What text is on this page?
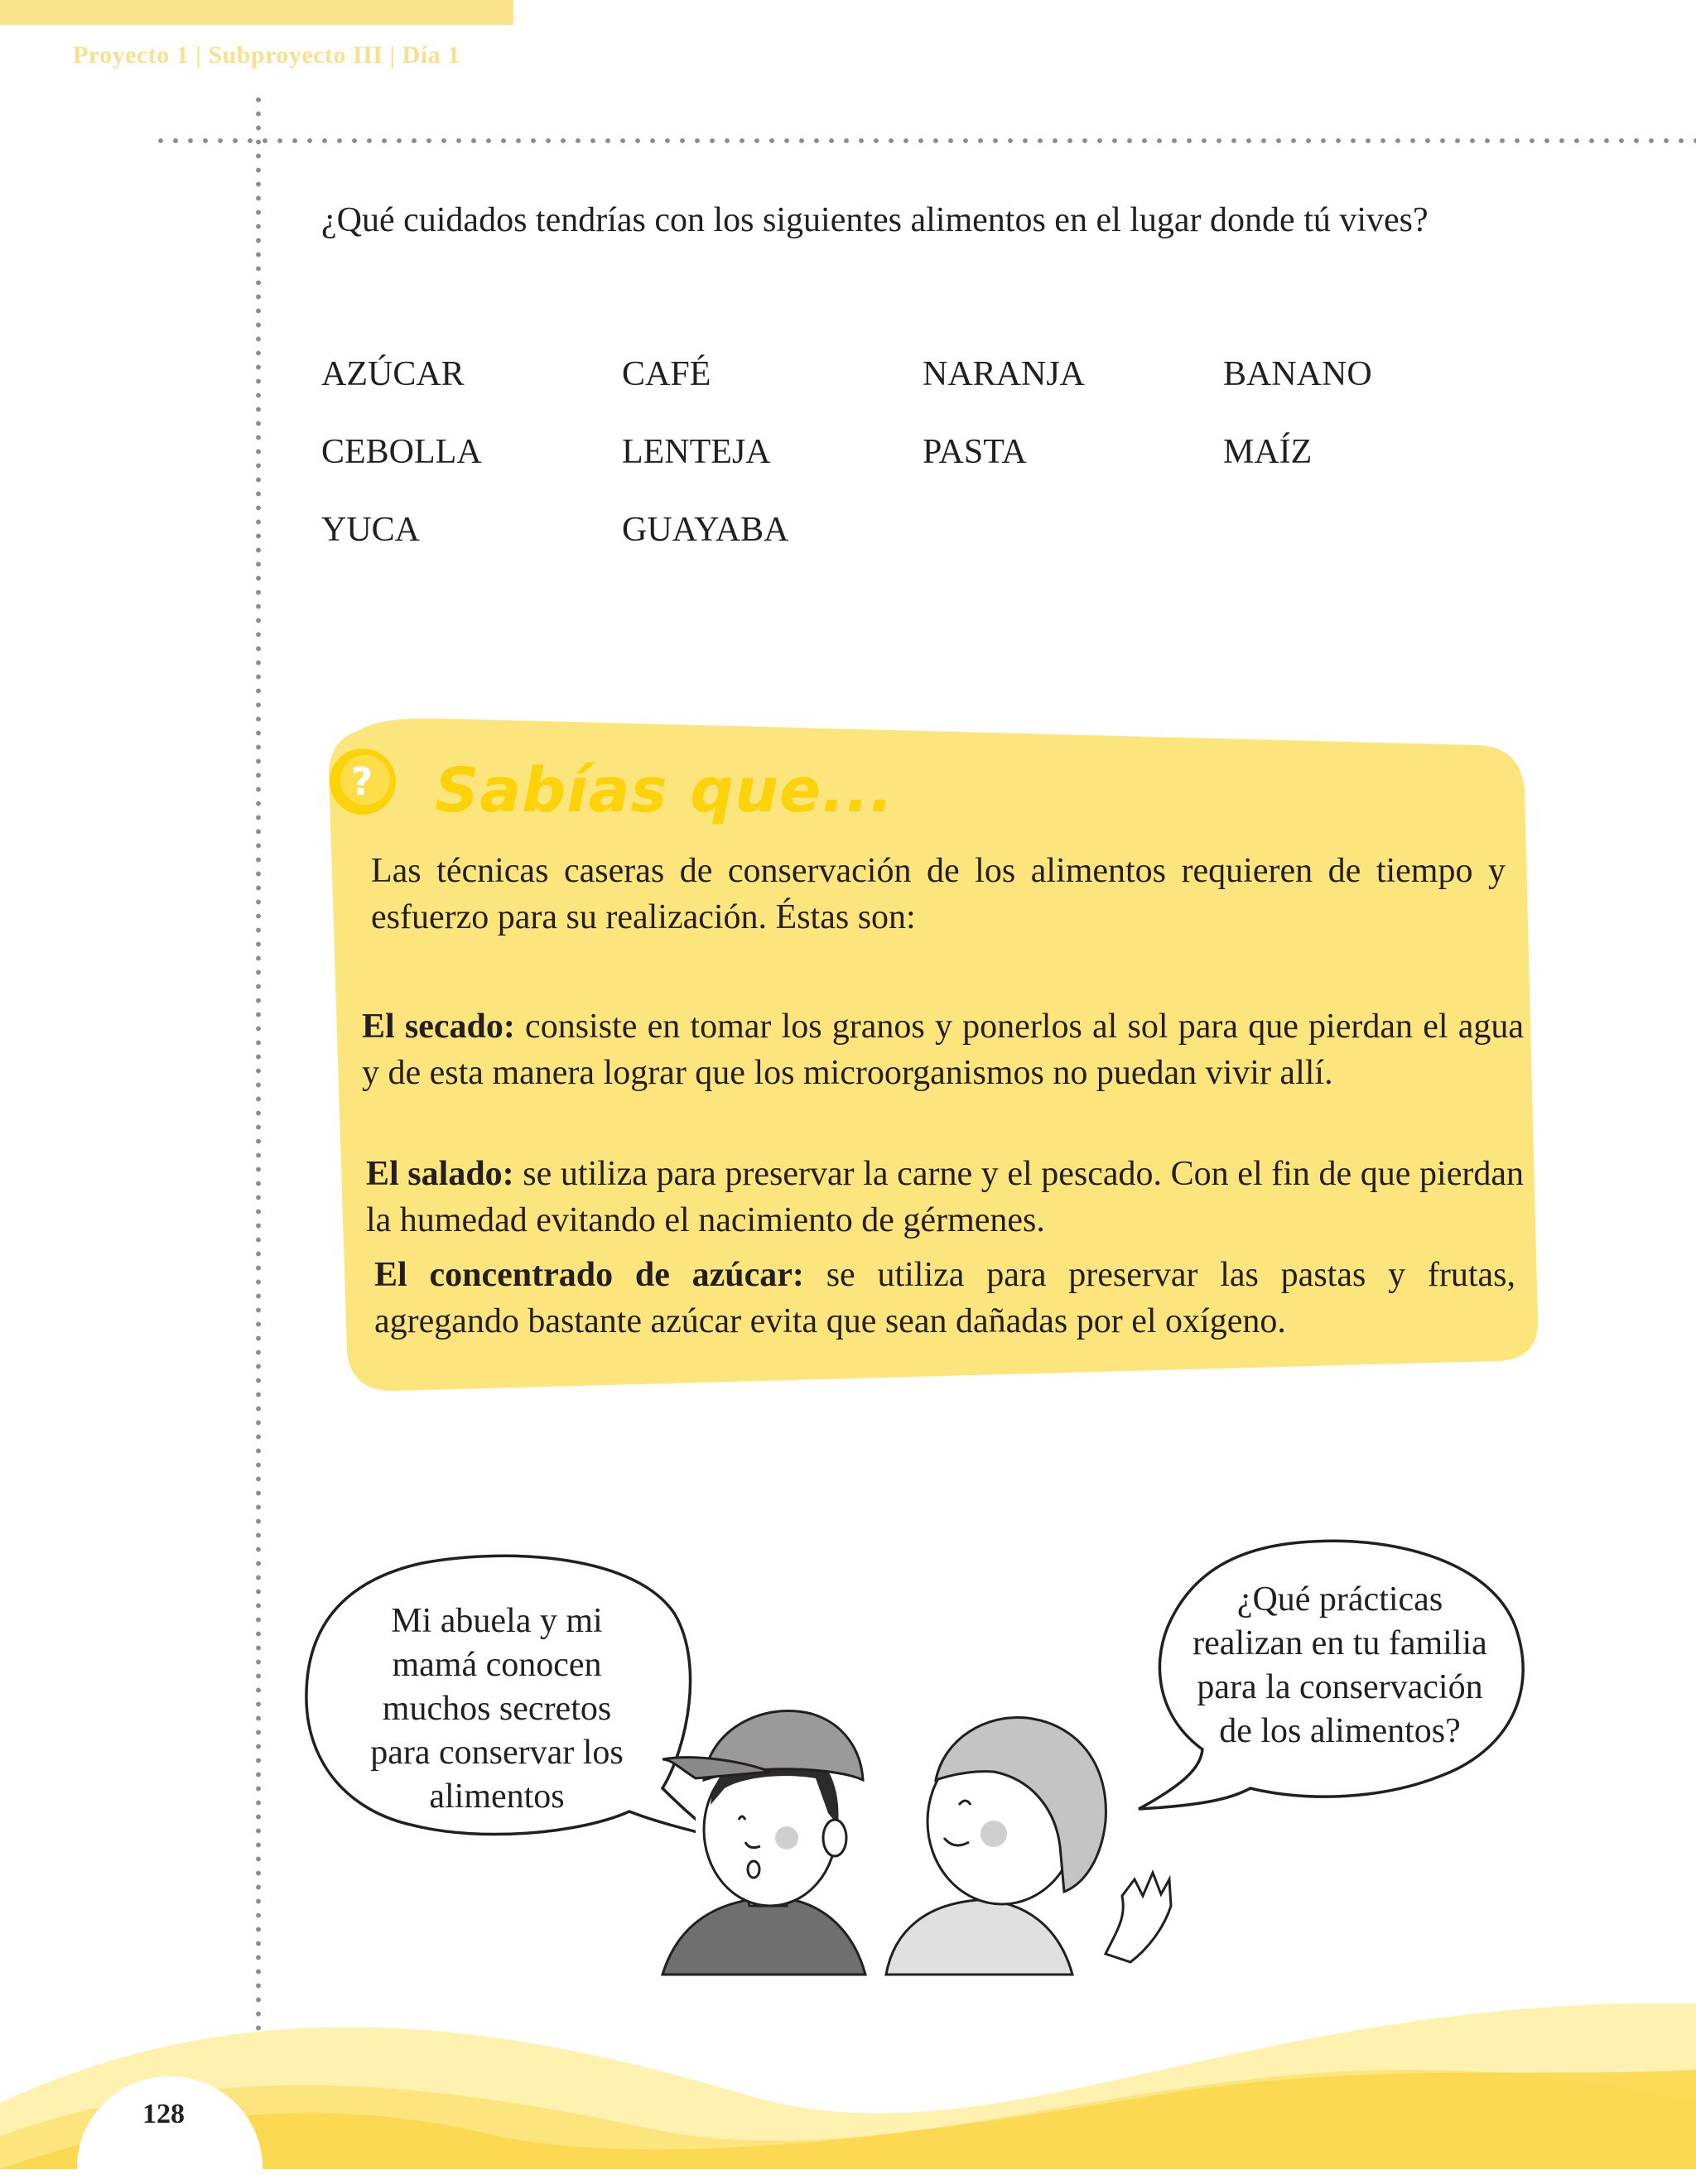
Proyecto 1 | Subproyecto III | Día 1
¿Qué cuidados tendrías con los siguientes alimentos en el lugar donde tú vives?
AZÚCAR	CAFÉ	NARANJA	BANANO
CEBOLLA	LENTEJA	PASTA	MAÍZ
YUCA	GUAYABA
? Sabías que...
Las técnicas caseras de conservación de los alimentos requieren de tiempo y esfuerzo para su realización. Éstas son:
El secado: consiste en tomar los granos y ponerlos al sol para que pierdan el agua y de esta manera lograr que los microorganismos no puedan vivir allí.
El salado: se utiliza para preservar la carne y el pescado. Con el fin de que pierdan la humedad evitando el nacimiento de gérmenes.
El concentrado de azúcar: se utiliza para preservar las pastas y frutas, agregando bastante azúcar evita que sean dañadas por el oxígeno.
Mi abuela y mi
mamá conocen
muchos secretos
para conservar los
alimentos
¿Qué prácticas
realizan en tu familia
para la conservación
de los alimentos?
128
